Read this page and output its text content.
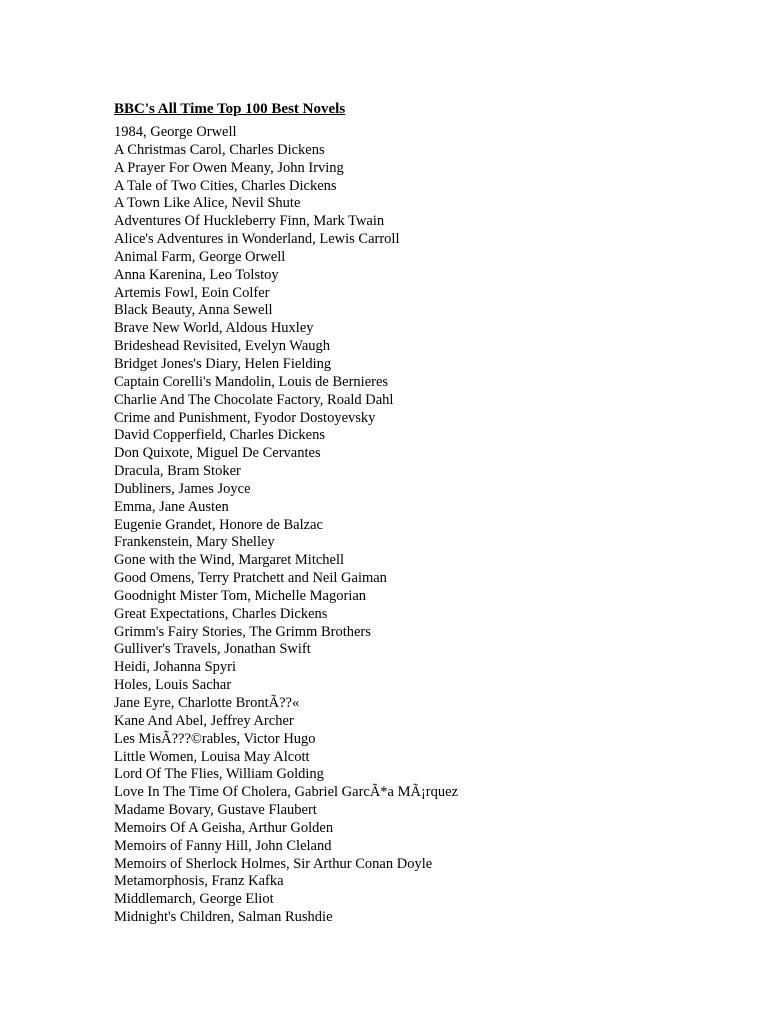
BBC's All Time Top 100 Best Novels
1984, George Orwell
A Christmas Carol, Charles Dickens
A Prayer For Owen Meany, John Irving
A Tale of Two Cities, Charles Dickens
A Town Like Alice, Nevil Shute
Adventures Of Huckleberry Finn, Mark Twain
Alice's Adventures in Wonderland, Lewis Carroll
Animal Farm, George Orwell
Anna Karenina, Leo Tolstoy
Artemis Fowl, Eoin Colfer
Black Beauty, Anna Sewell
Brave New World, Aldous Huxley
Brideshead Revisited, Evelyn Waugh
Bridget Jones's Diary, Helen Fielding
Captain Corelli's Mandolin, Louis de Bernieres
Charlie And The Chocolate Factory, Roald Dahl
Crime and Punishment, Fyodor Dostoyevsky
David Copperfield, Charles Dickens
Don Quixote, Miguel De Cervantes
Dracula, Bram Stoker
Dubliners, James Joyce
Emma, Jane Austen
Eugenie Grandet, Honore de Balzac
Frankenstein, Mary Shelley
Gone with the Wind, Margaret Mitchell
Good Omens, Terry Pratchett and Neil Gaiman
Goodnight Mister Tom, Michelle Magorian
Great Expectations, Charles Dickens
Grimm's Fairy Stories, The Grimm Brothers
Gulliver's Travels, Jonathan Swift
Heidi, Johanna Spyri
Holes, Louis Sachar
Jane Eyre, Charlotte BrontÃ??«
Kane And Abel, Jeffrey Archer
Les MisÃ???©rables, Victor Hugo
Little Women, Louisa May Alcott
Lord Of The Flies, William Golding
Love In The Time Of Cholera, Gabriel GarcÃ*a MÃ¡rquez
Madame Bovary, Gustave Flaubert
Memoirs Of A Geisha, Arthur Golden
Memoirs of Fanny Hill, John Cleland
Memoirs of Sherlock Holmes, Sir Arthur Conan Doyle
Metamorphosis, Franz Kafka
Middlemarch, George Eliot
Midnight's Children, Salman Rushdie
